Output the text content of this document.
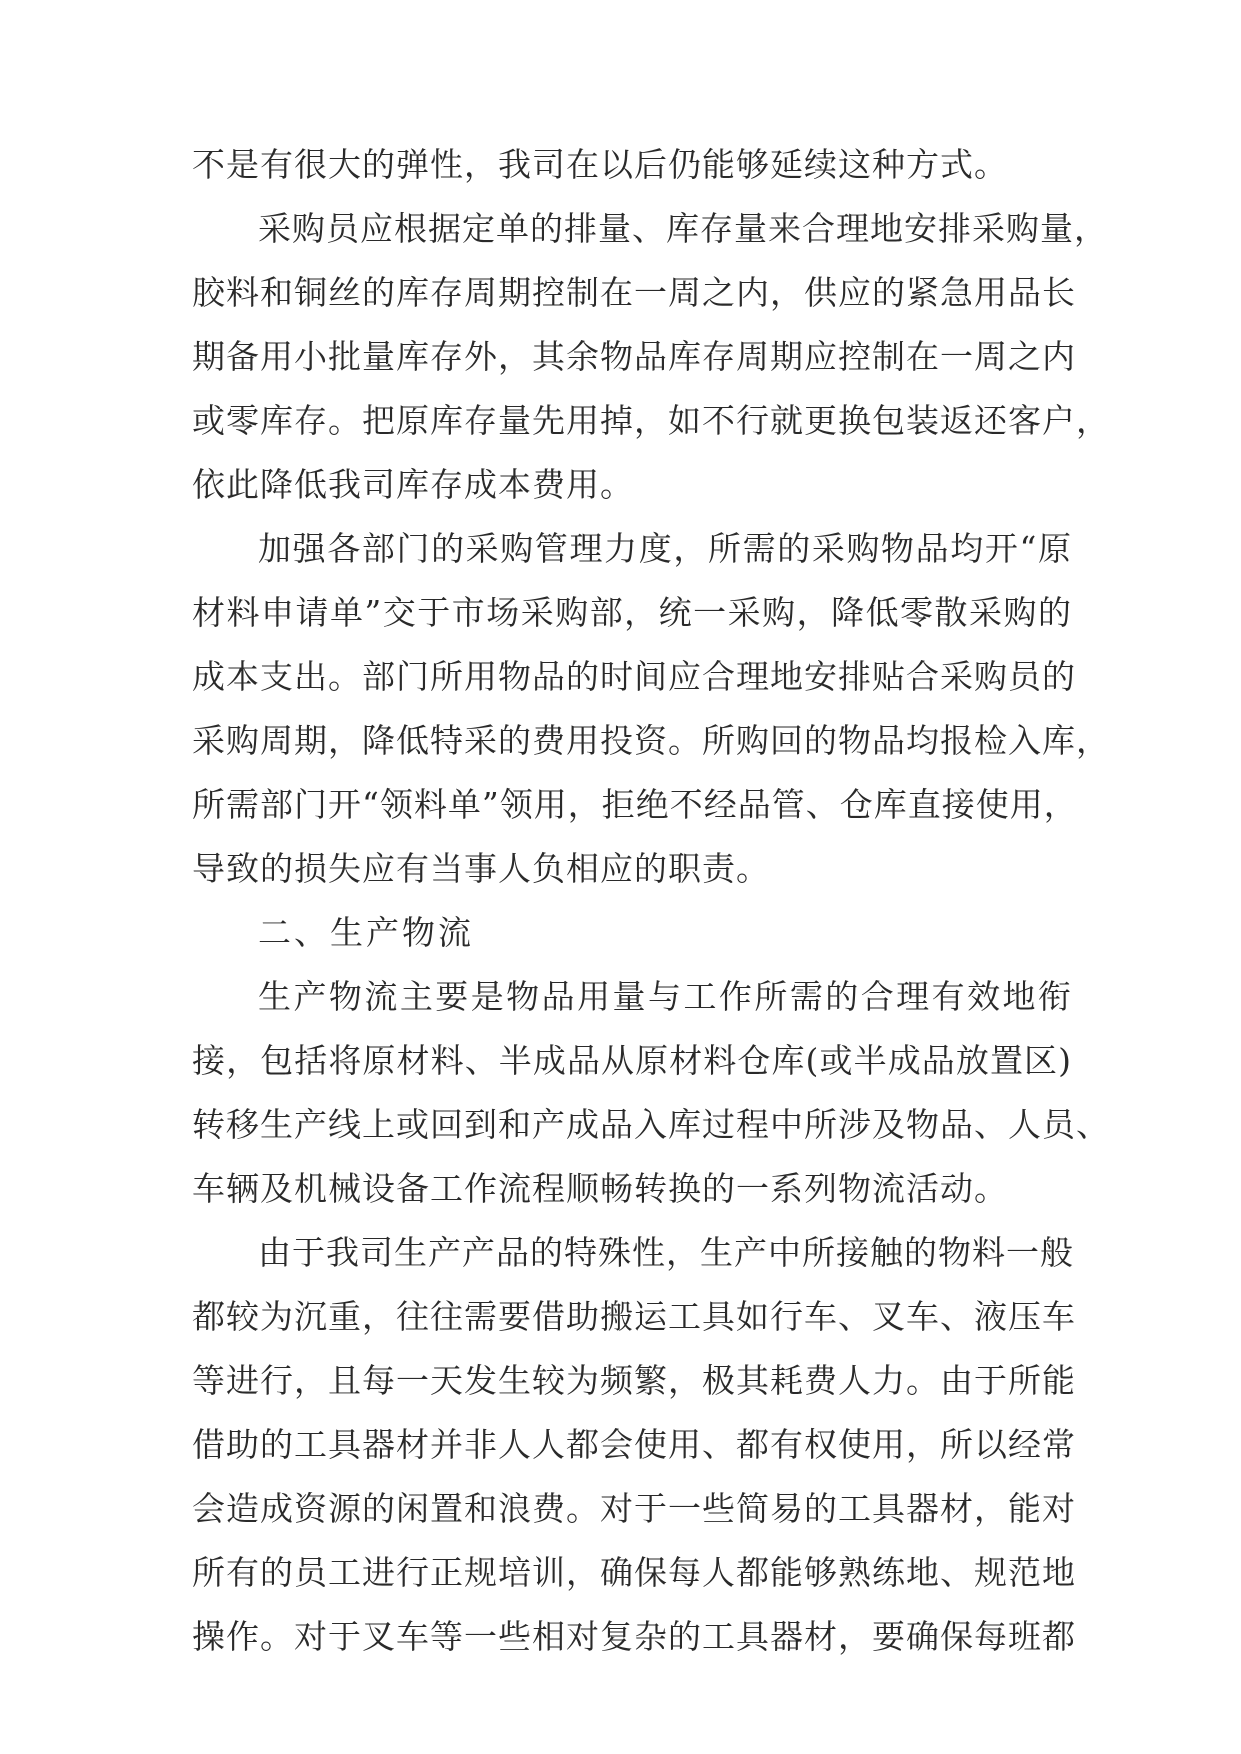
不是有很大的弹性，我司在以后仍能够延续这种方式。
采购员应根据定单的排量、库存量来合理地安排采购量，
胶料和铜丝的库存周期控制在一周之内，供应的紧急用品长
期备用小批量库存外，其余物品库存周期应控制在一周之内
或零库存。把原库存量先用掉，如不行就更换包装返还客户，
依此降低我司库存成本费用。
加强各部门的采购管理力度，所需的采购物品均开“原
材料申请单”交于市场采购部，统一采购，降低零散采购的
成本支出。部门所用物品的时间应合理地安排贴合采购员的
采购周期，降低特采的费用投资。所购回的物品均报检入库，
所需部门开“领料单”领用，拒绝不经品管、仓库直接使用，
导致的损失应有当事人负相应的职责。
二、生产物流
生产物流主要是物品用量与工作所需的合理有效地衔
接，包括将原材料、半成品从原材料仓库(或半成品放置区)
转移生产线上或回到和产成品入库过程中所涉及物品、人员、
车辆及机械设备工作流程顺畅转换的一系列物流活动。
由于我司生产产品的特殊性，生产中所接触的物料一般
都较为沉重，往往需要借助搬运工具如行车、叉车、液压车
等进行，且每一天发生较为频繁，极其耗费人力。由于所能
借助的工具器材并非人人都会使用、都有权使用，所以经常
会造成资源的闲置和浪费。对于一些简易的工具器材，能对
所有的员工进行正规培训，确保每人都能够熟练地、规范地
操作。对于叉车等一些相对复杂的工具器材，要确保每班都
